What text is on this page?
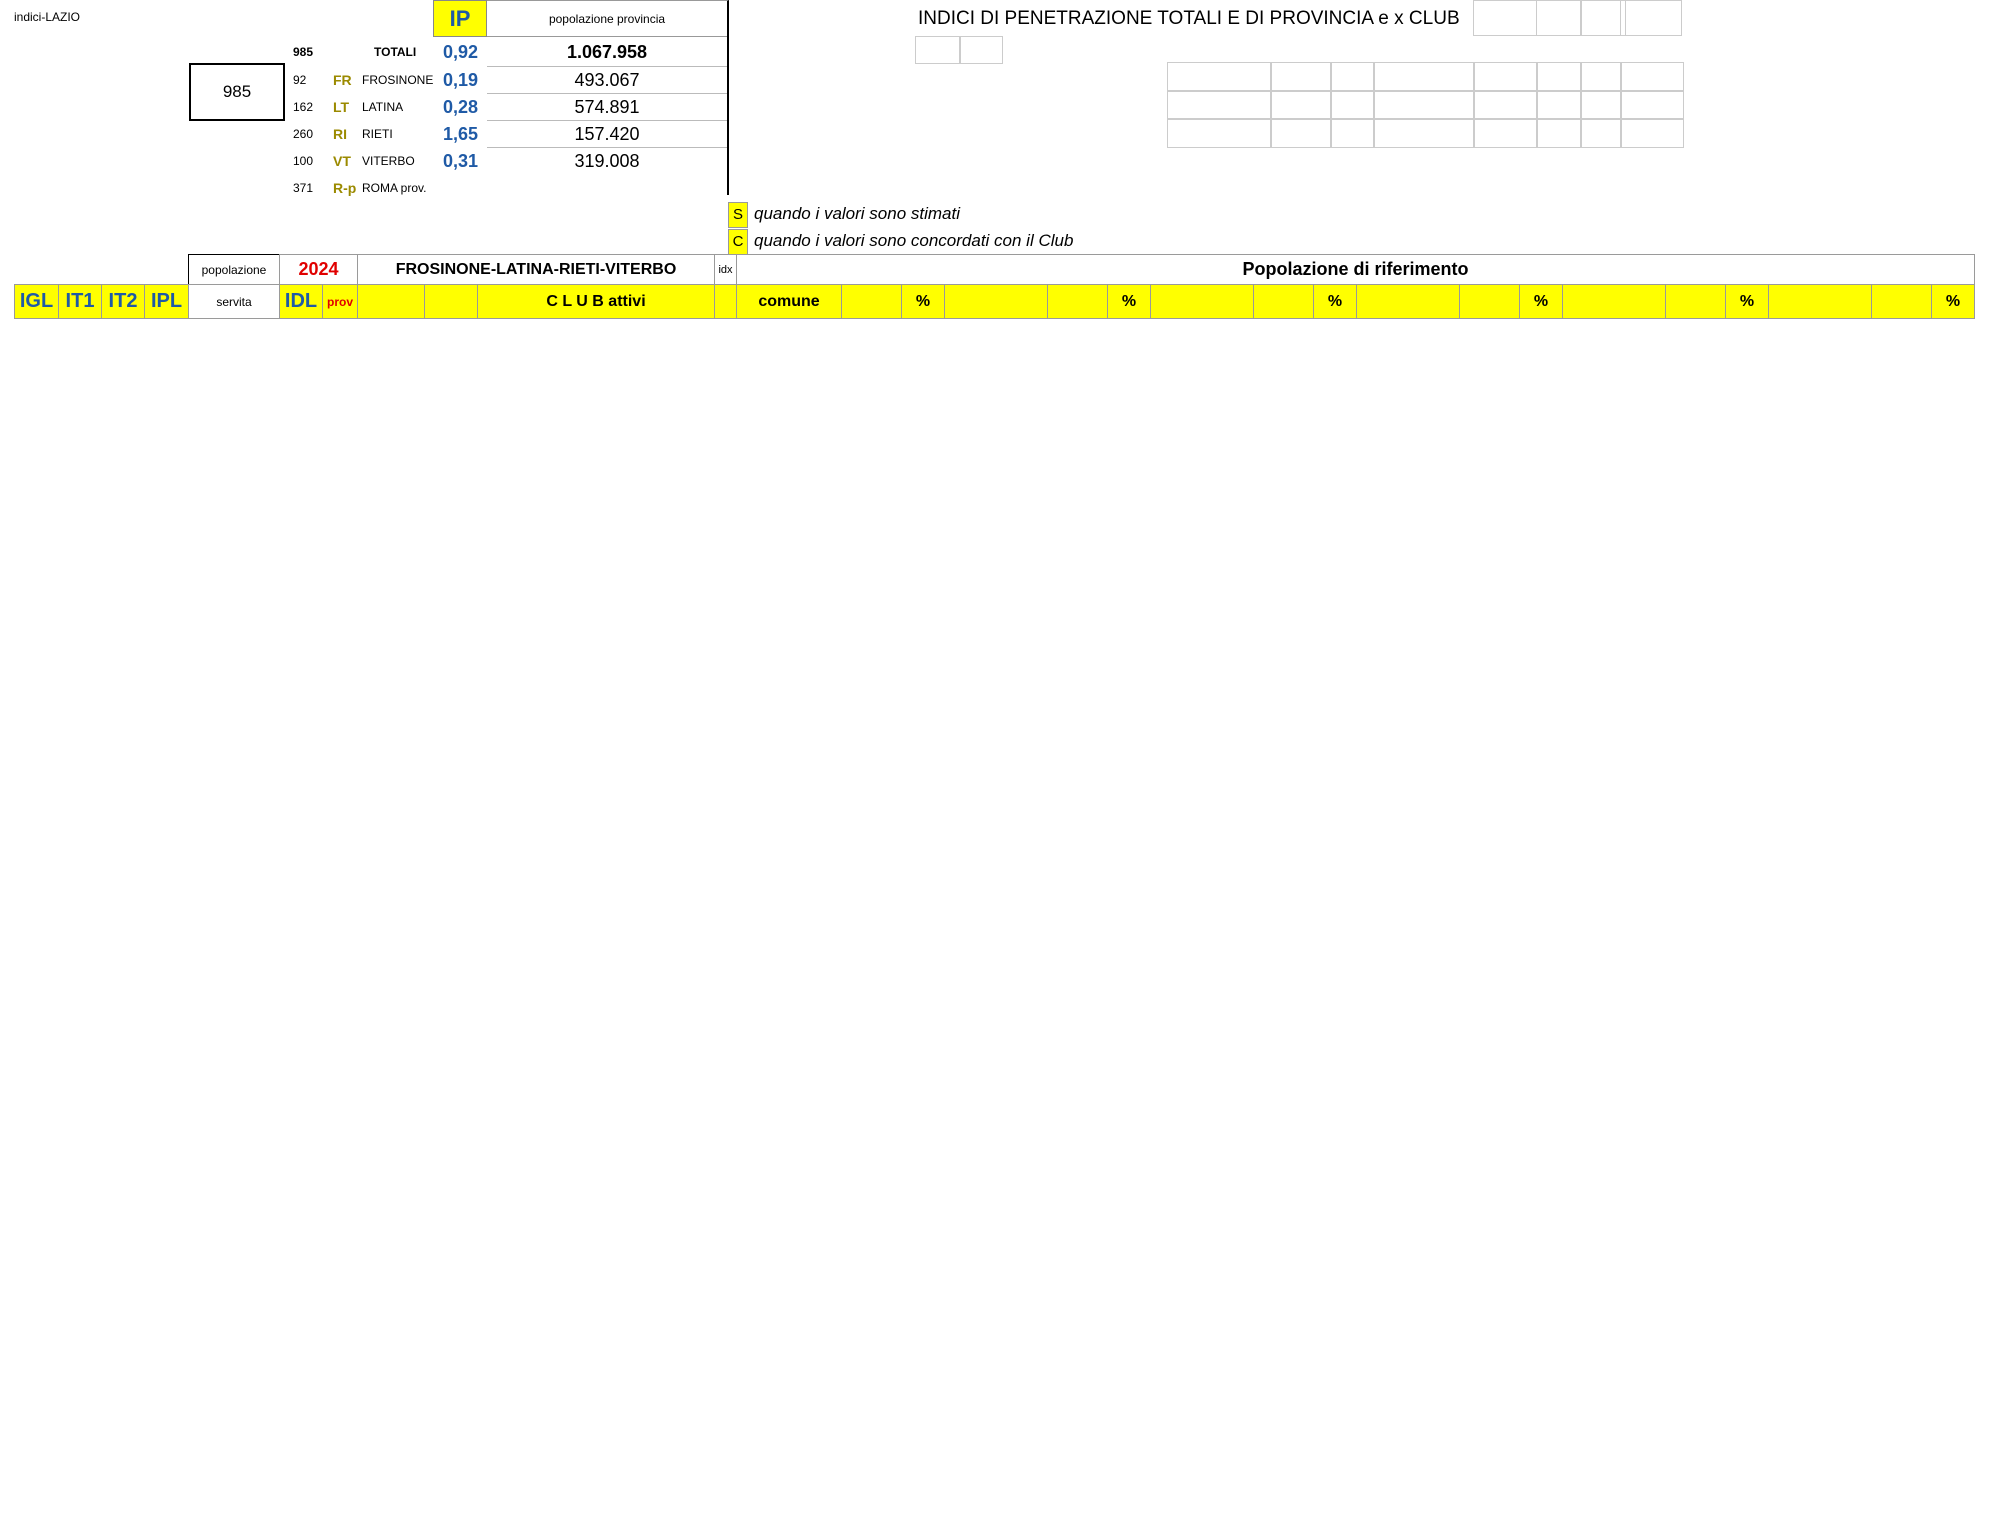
indici-LAZIO
985
IP	popolazione provincia
985	TOTALI 0,92	1.067.958
92 FR FROSINONE 0,19	493.067
162 LT LATINA 0,28	574.891
260 RI RIETI	1,65	157.420
100 VT VITERBO 0,31	319.008
371 R-p ROMA prov.
INDICI DI PENETRAZIONE TOTALI E DI PROVINCIA e x CLUB
S quando i valori sono stimati
C quando i valori sono concordati con il Club
				popolazione	2024		FROSINONE-LATINA-RIETI-VITERBO			idx	Popolazione di riferimento																	
IGL	IT1	IT2	IPL	servita	IDL	prov			C L U B attivi		comune		%			%			%			%			%			%
